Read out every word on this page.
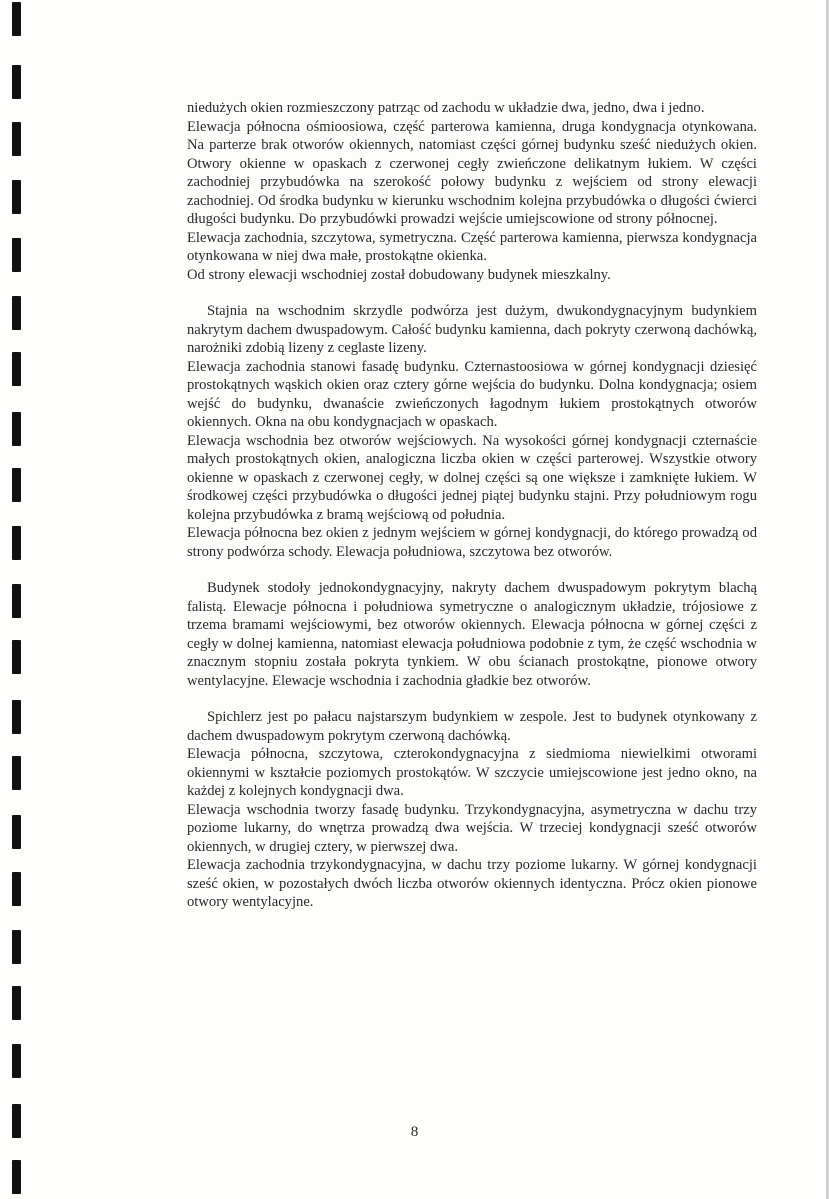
niedużych okien rozmieszczony patrząc od zachodu w układzie dwa, jedno, dwa i jedno.

Elewacja północna ośmioosiowa, część parterowa kamienna, druga kondygnacja otynkowana. Na parterze brak otworów okiennych, natomiast części górnej budynku sześć niedużych okien. Otwory okienne w opaskach z czerwonej cegły zwieńczone delikatnym łukiem. W części zachodniej przybudówka na szerokość połowy budynku z wejściem od strony elewacji zachodniej. Od środka budynku w kierunku wschodnim kolejna przybudówka o długości ćwierci długości budynku. Do przybudówki prowadzi wejście umiejscowione od strony północnej.

Elewacja zachodnia, szczytowa, symetryczna. Część parterowa kamienna, pierwsza kondygnacja otynkowana w niej dwa małe, prostokątne okienka.

Od strony elewacji wschodniej został dobudowany budynek mieszkalny.

Stajnia na wschodnim skrzydle podwórza jest dużym, dwukondygnacyjnym budynkiem nakrytym dachem dwuspadowym. Całość budynku kamienna, dach pokryty czerwoną dachówką, narożniki zdobią lizeny z ceglaste lizeny.

Elewacja zachodnia stanowi fasadę budynku. Czternastoosiowa w górnej kondygnacji dziesięć prostokątnych wąskich okien oraz cztery górne wejścia do budynku. Dolna kondygnacja; osiem wejść do budynku, dwanaście zwieńczonych łagodnym łukiem prostokątnych otworów okiennych. Okna na obu kondygnacjach w opaskach.

Elewacja wschodnia bez otworów wejściowych. Na wysokości górnej kondygnacji czternaście małych prostokątnych okien, analogiczna liczba okien w części parterowej. Wszystkie otwory okienne w opaskach z czerwonej cegły, w dolnej części są one większe i zamknięte łukiem. W środkowej części przybudówka o długości jednej piątej budynku stajni. Przy południowym rogu kolejna przybudówka z bramą wejściową od południa.

Elewacja północna bez okien z jednym wejściem w górnej kondygnacji, do którego prowadzą od strony podwórza schody. Elewacja południowa, szczytowa bez otworów.

Budynek stodoły jednokondygnacyjny, nakryty dachem dwuspadowym pokrytym blachą falistą. Elewacje północna i południowa symetryczne o analogicznym układzie, trójosiowe z trzema bramami wejściowymi, bez otworów okiennych. Elewacja północna w górnej części z cegły w dolnej kamienna, natomiast elewacja południowa podobnie z tym, że część wschodnia w znacznym stopniu została pokryta tynkiem. W obu ścianach prostokątne, pionowe otwory wentylacyjne. Elewacje wschodnia i zachodnia gładkie bez otworów.

Spichlerz jest po pałacu najstarszym budynkiem w zespole. Jest to budynek otynkowany z dachem dwuspadowym pokrytym czerwoną dachówką.

Elewacja północna, szczytowa, czterokondygnacyjna z siedmioma niewielkimi otworami okiennymi w kształcie poziomych prostokątów. W szczycie umiejscowione jest jedno okno, na każdej z kolejnych kondygnacji dwa.

Elewacja wschodnia tworzy fasadę budynku. Trzykondygnacyjna, asymetryczna w dachu trzy poziome lukarny, do wnętrza prowadzą dwa wejścia. W trzeciej kondygnacji sześć otworów okiennych, w drugiej cztery, w pierwszej dwa.

Elewacja zachodnia trzykondygnacyjna, w dachu trzy poziome lukarny. W górnej kondygnacji sześć okien, w pozostałych dwóch liczba otworów okiennych identyczna. Prócz okien pionowe otwory wentylacyjne.

8
